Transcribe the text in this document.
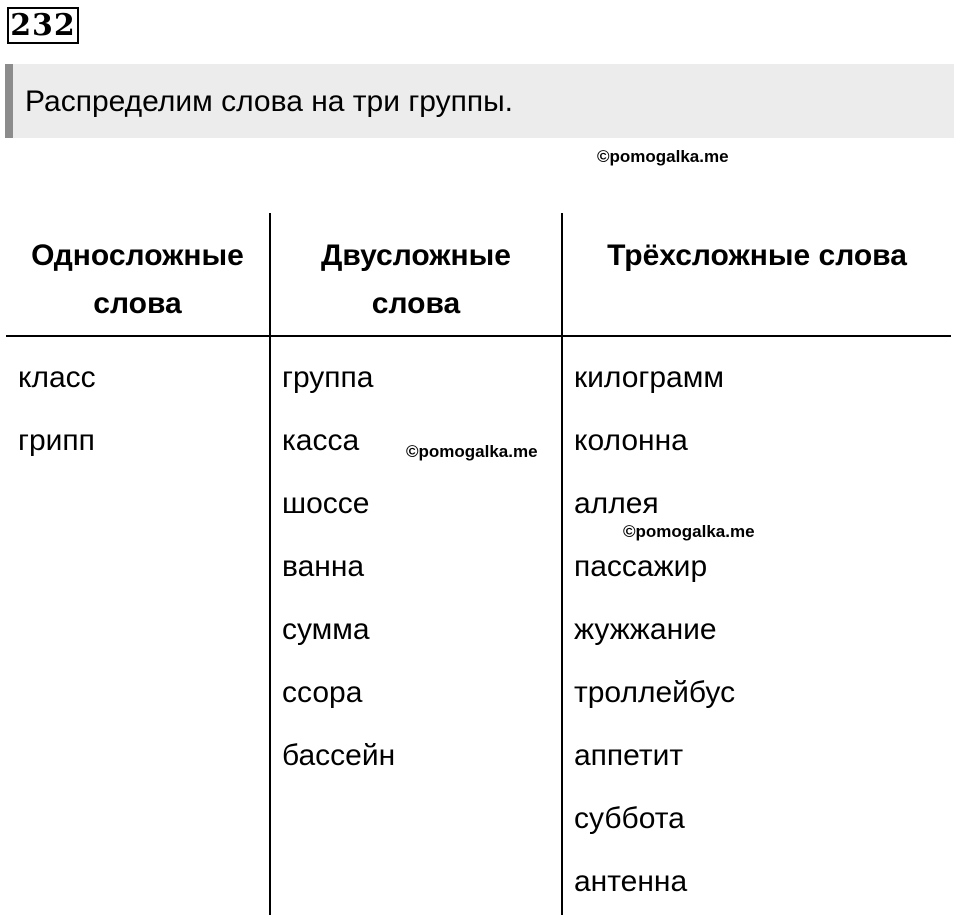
232
Распределим слова на три группы.
©pomogalka.me
©pomogalka.me
©pomogalka.me
Односложные
слова
Двусложные
слова
Трёхсложные слова
класс
грипп
группа
касса
шоссе
ванна
сумма
ссора
бассейн
килограмм
колонна
аллея
пассажир
жужжание
троллейбус
аппетит
суббота
антенна
